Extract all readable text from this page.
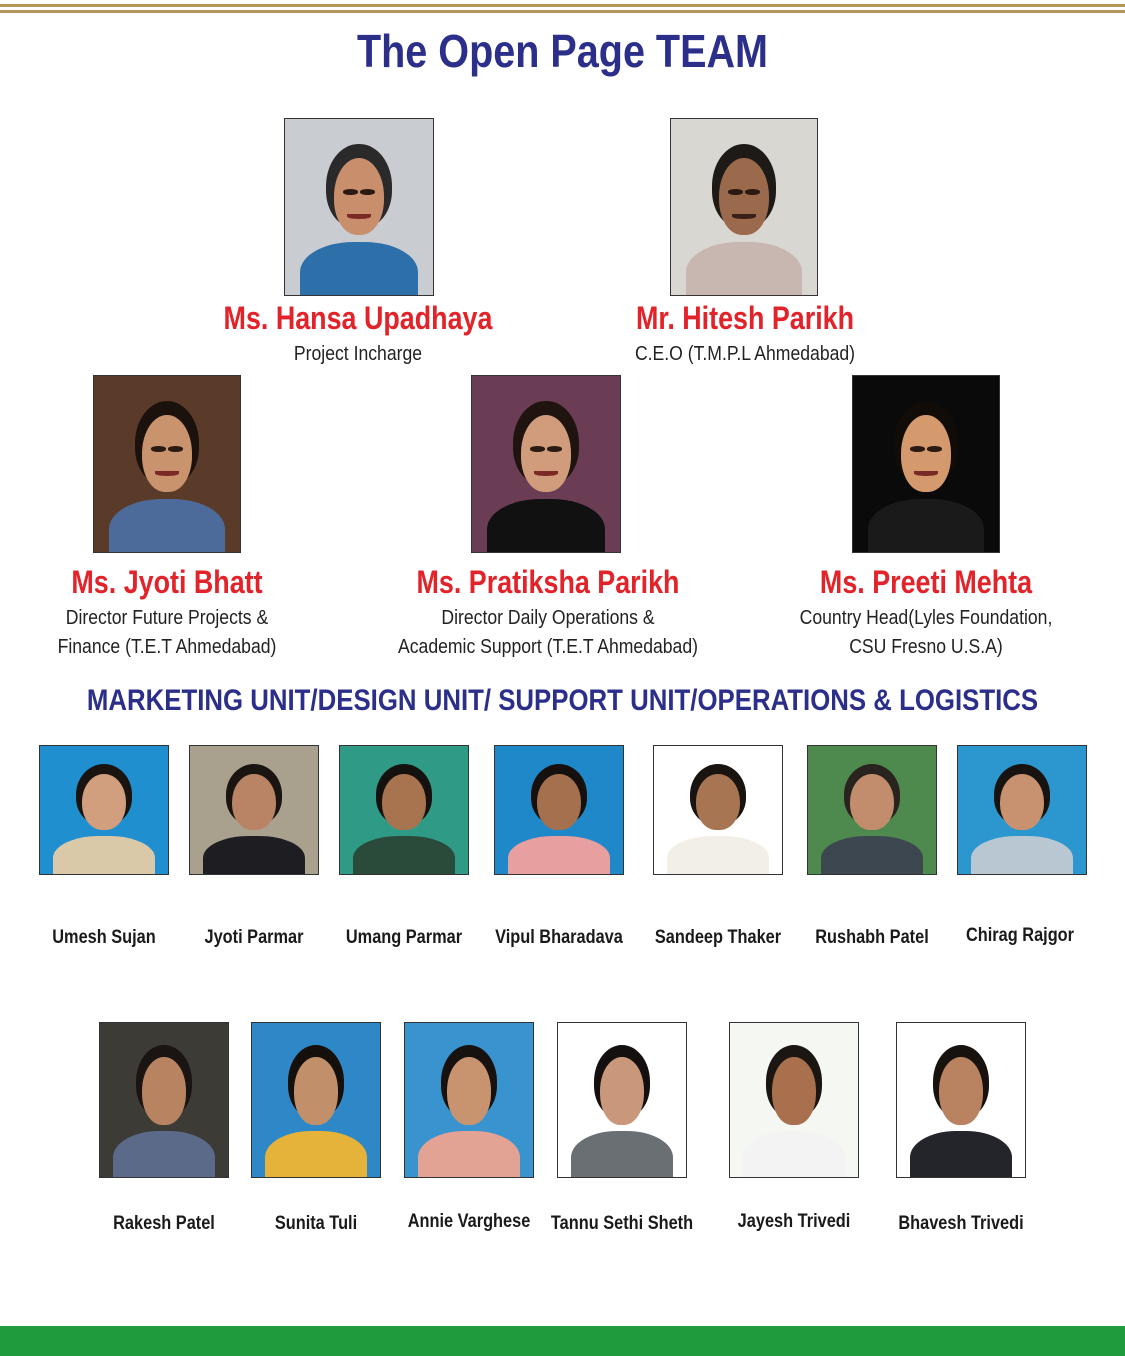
The Open Page TEAM
Ms. Hansa Upadhaya
Project Incharge
Mr. Hitesh Parikh
C.E.O (T.M.P.L Ahmedabad)
Ms. Jyoti Bhatt
Director Future Projects &
Finance (T.E.T Ahmedabad)
Ms. Pratiksha Parikh
Director Daily Operations &
Academic Support (T.E.T Ahmedabad)
Ms. Preeti Mehta
Country Head(Lyles Foundation,
CSU Fresno U.S.A)
MARKETING UNIT/DESIGN UNIT/ SUPPORT UNIT/OPERATIONS & LOGISTICS
Umesh Sujan	Jyoti Parmar	Umang Parmar	Vipul Bharadava	Sandeep Thaker	Rushabh Patel	Chirag Rajgor
Rakesh Patel	Sunita Tuli	Annie Varghese	Tannu Sethi Sheth	Jayesh Trivedi	Bhavesh Trivedi
